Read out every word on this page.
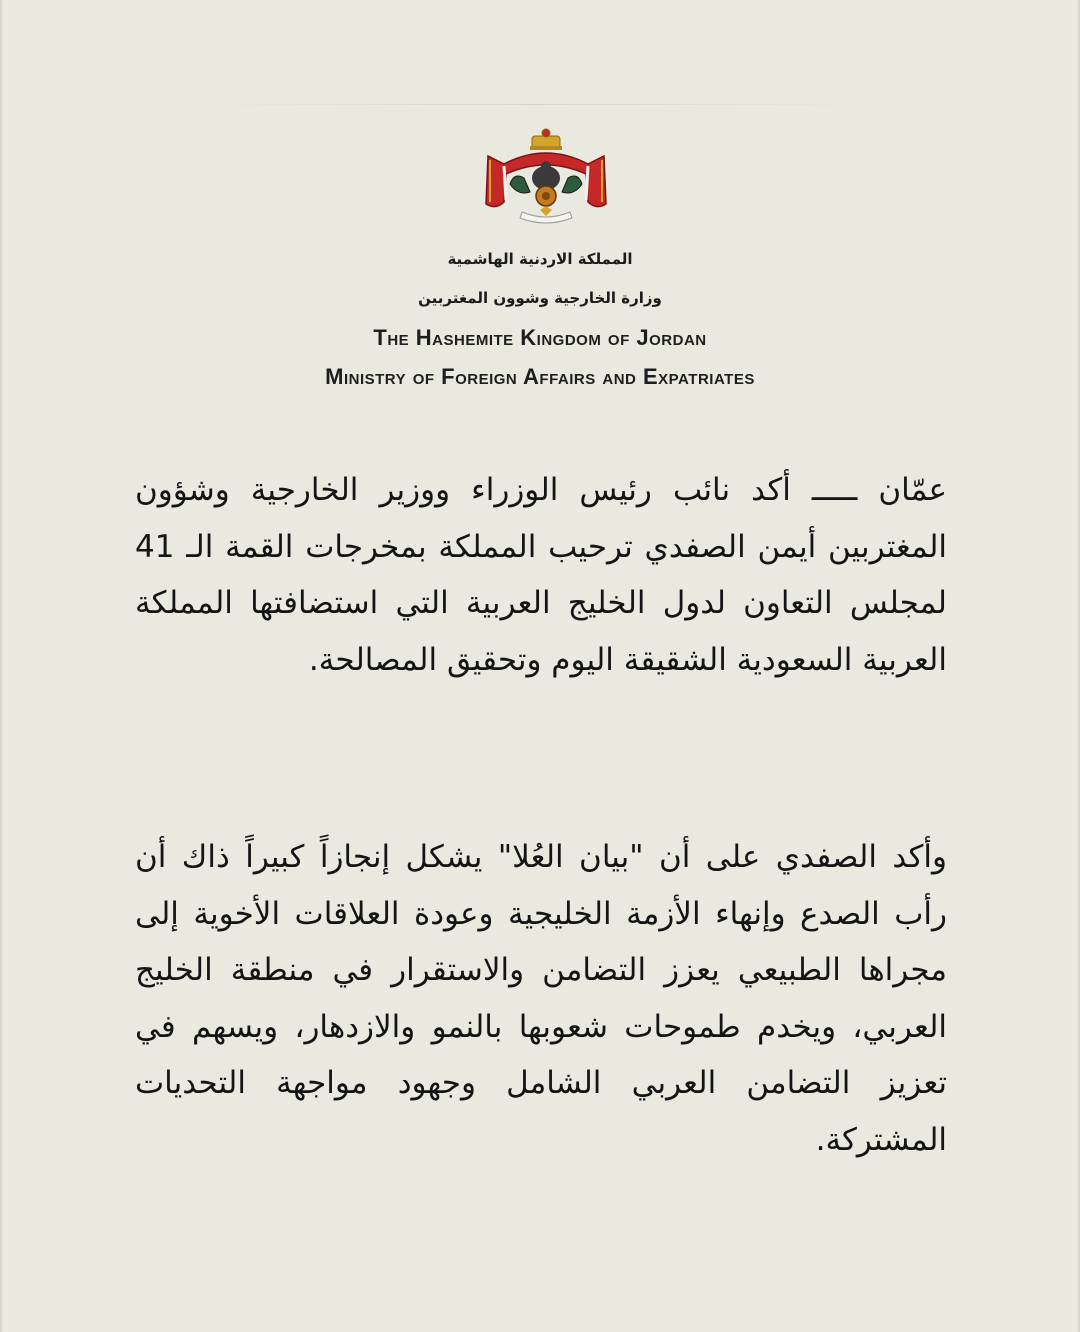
المملكة الاردنية الهاشمية
وزارة الخارجية وشوون المغتربين
The Hashemite Kingdom of Jordan
Ministry of Foreign Affairs and Expatriates

عمّان ـــــ أكد نائب رئيس الوزراء ووزير الخارجية وشؤون المغتربين أيمن الصفدي ترحيب المملكة بمخرجات القمة الـ 41 لمجلس التعاون لدول الخليج العربية التي استضافتها المملكة العربية السعودية الشقيقة اليوم وتحقيق المصالحة.

وأكد الصفدي على أن "بيان العُلا" يشكل إنجازاً كبيراً ذاك أن رأب الصدع وإنهاء الأزمة الخليجية وعودة العلاقات الأخوية إلى مجراها الطبيعي يعزز التضامن والاستقرار في منطقة الخليج العربي، ويخدم طموحات شعوبها بالنمو والازدهار، ويسهم في تعزيز التضامن العربي الشامل وجهود مواجهة التحديات المشتركة.
